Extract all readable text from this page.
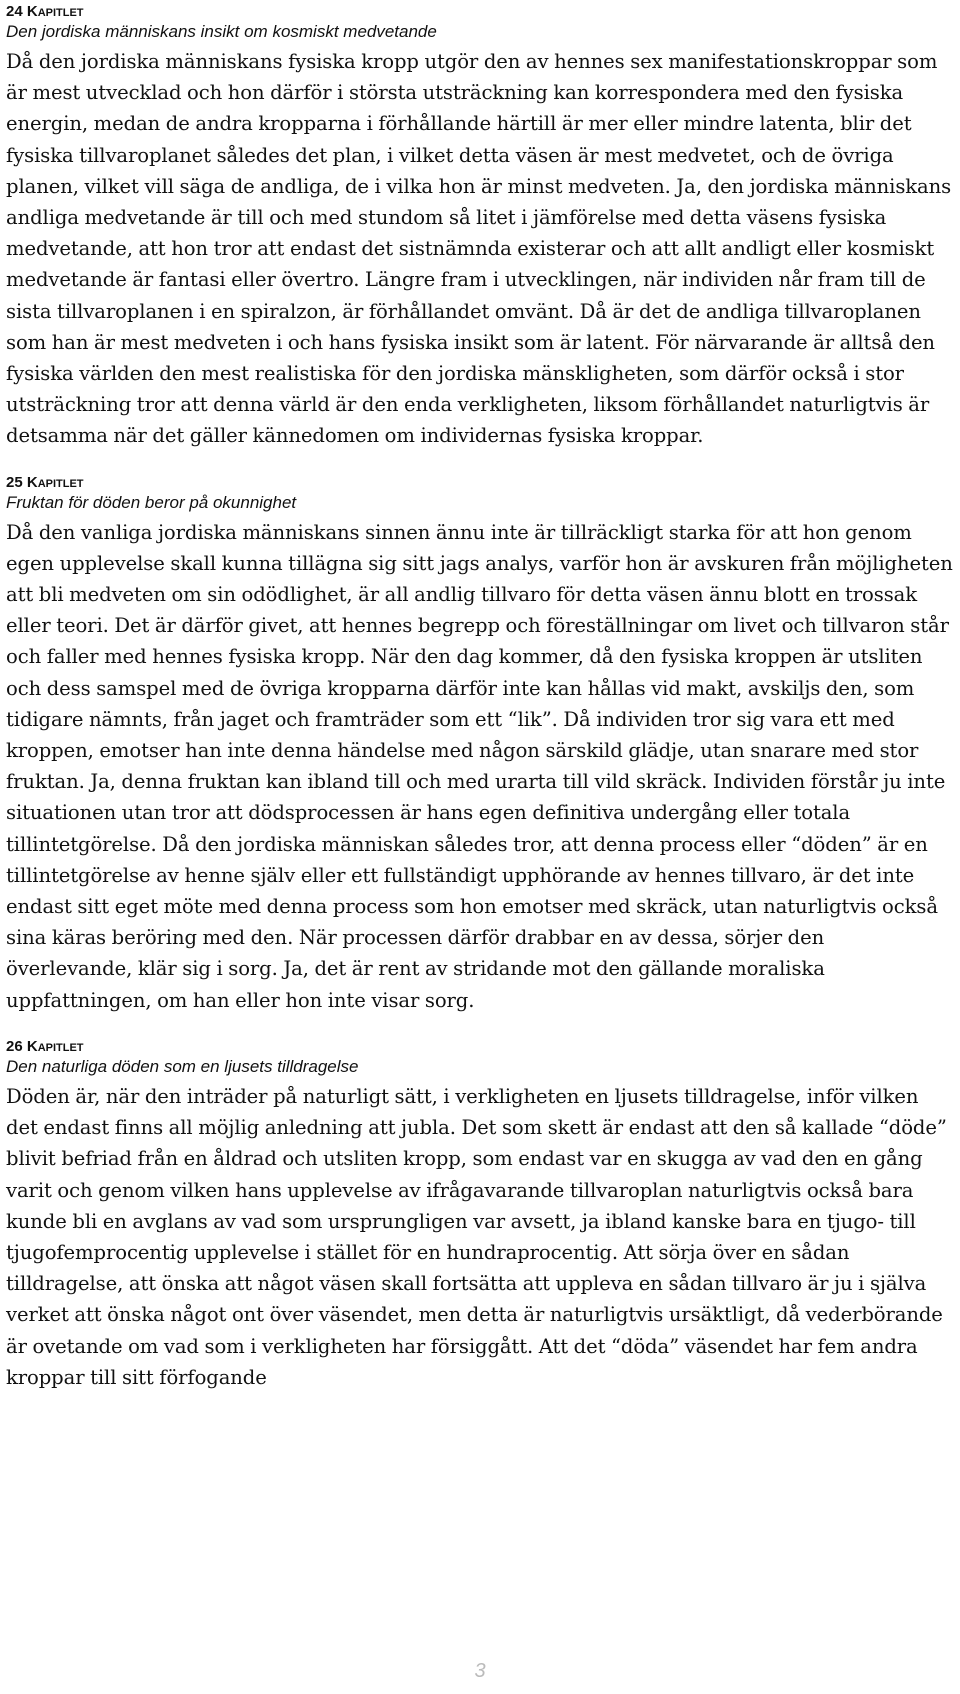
24 Kapitlet
Den jordiska människans insikt om kosmiskt medvetande

Då den jordiska människans fysiska kropp utgör den av hennes sex manifestationskroppar som är mest utvecklad och hon därför i största utsträckning kan korrespondera med den fysiska energin, medan de andra kropparna i förhållande härtill är mer eller mindre latenta, blir det fysiska tillvaroplanet således det plan, i vilket detta väsen är mest medvetet, och de övriga planen, vilket vill säga de andliga, de i vilka hon är minst medveten. Ja, den jordiska människans andliga medvetande är till och med stundom så litet i jämförelse med detta väsens fysiska medvetande, att hon tror att endast det sistnämnda existerar och att allt andligt eller kosmiskt medvetande är fantasi eller övertro. Längre fram i utvecklingen, när individen når fram till de sista tillvaroplanen i en spiralzon, är förhållandet omvänt. Då är det de andliga tillvaroplanen som han är mest medveten i och hans fysiska insikt som är latent. För närvarande är alltså den fysiska världen den mest realistiska för den jordiska mänskligheten, som därför också i stor utsträckning tror att denna värld är den enda verkligheten, liksom förhållandet naturligtvis är detsamma när det gäller kännedomen om individernas fysiska kroppar.

25 Kapitlet
Fruktan för döden beror på okunnighet

Då den vanliga jordiska människans sinnen ännu inte är tillräckligt starka för att hon genom egen upplevelse skall kunna tillägna sig sitt jags analys, varför hon är avskuren från möjligheten att bli medveten om sin odödlighet, är all andlig tillvaro för detta väsen ännu blott en trossak eller teori. Det är därför givet, att hennes begrepp och föreställningar om livet och tillvaron står och faller med hennes fysiska kropp. När den dag kommer, då den fysiska kroppen är utsliten och dess samspel med de övriga kropparna därför inte kan hållas vid makt, avskiljs den, som tidigare nämnts, från jaget och framträder som ett “lik”. Då individen tror sig vara ett med kroppen, emotser han inte denna händelse med någon särskild glädje, utan snarare med stor fruktan. Ja, denna fruktan kan ibland till och med urarta till vild skräck. Individen förstår ju inte situationen utan tror att dödsprocessen är hans egen definitiva undergång eller totala tillintetgörelse. Då den jordiska människan således tror, att denna process eller “döden” är en tillintetgörelse av henne själv eller ett fullständigt upphörande av hennes tillvaro, är det inte endast sitt eget möte med denna process som hon emotser med skräck, utan naturligtvis också sina käras beröring med den. När processen därför drabbar en av dessa, sörjer den överlevande, klär sig i sorg. Ja, det är rent av stridande mot den gällande moraliska uppfattningen, om han eller hon inte visar sorg.

26 Kapitlet
Den naturliga döden som en ljusets tilldragelse

Döden är, när den inträder på naturligt sätt, i verkligheten en ljusets tilldragelse, inför vilken det endast finns all möjlig anledning att jubla. Det som skett är endast att den så kallade “döde” blivit befriad från en åldrad och utsliten kropp, som endast var en skugga av vad den en gång varit och genom vilken hans upplevelse av ifrågavarande tillvaroplan naturligtvis också bara kunde bli en avglans av vad som ursprungligen var avsett, ja ibland kanske bara en tjugo- till tjugofemprocentig upplevelse i stället för en hundraprocentig. Att sörja över en sådan tilldragelse, att önska att något väsen skall fortsätta att uppleva en sådan tillvaro är ju i själva verket att önska något ont över väsendet, men detta är naturligtvis ursäktligt, då vederbörande är ovetande om vad som i verkligheten har försiggått. Att det “döda” väsendet har fem andra kroppar till sitt förfogande

3
